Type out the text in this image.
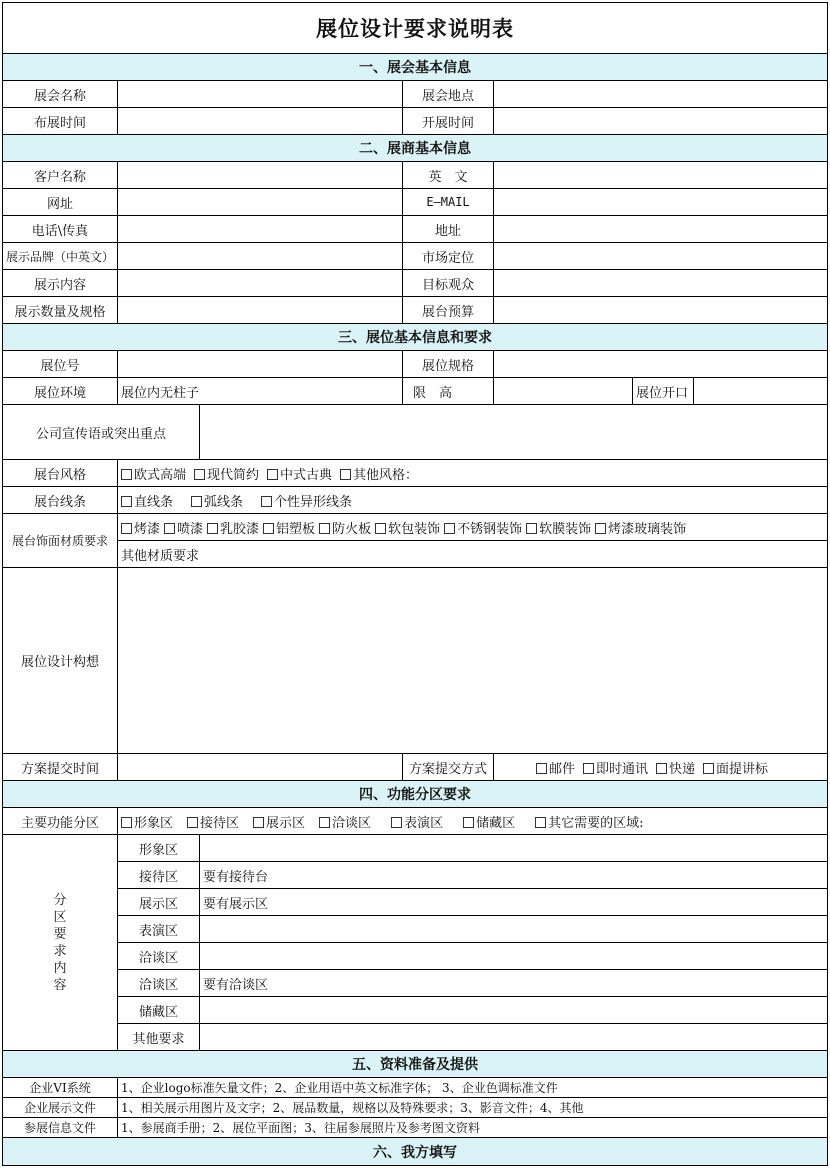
展位设计要求说明表
一、展会基本信息
展会名称	展会地点
布展时间	开展时间
二、展商基本信息
客户名称	英　文
网址	E—MAIL
电话\传真	地址
展示品牌（中英文）	市场定位
展示内容	目标观众
展示数量及规格	展台预算
三、展位基本信息和要求
展位号	展位规格
展位环境	展位内无柱子	限　高	展位开口
公司宣传语或突出重点
展台风格	欧式高端	现代简约	中式古典	其他风格：
展台线条	直线条	弧线条	个性异形线条
展台饰面材质要求
烤漆	喷漆	乳胶漆	铝塑板	防火板	软包装饰	不锈钢装饰	软膜装饰	烤漆玻璃装饰
其他材质要求
展位设计构想
方案提交时间	方案提交方式	邮件	即时通讯	快递	面提讲标
四、功能分区要求
主要功能分区	形象区	接待区	展示区	洽谈区	表演区	储藏区	其它需要的区域:
分
区
要
求
内
容
形象区
接待区	要有接待台
展示区	要有展示区
表演区
洽谈区
洽谈区	要有洽谈区
储藏区
其他要求
五、资料准备及提供
企业VI系统	1、企业logo标准矢量文件；2、企业用语中英文标准字体； 3、企业色调标准文件
企业展示文件	1、相关展示用图片及文字；2、展品数量，规格以及特殊要求；3、影音文件；4、其他
参展信息文件	1、参展商手册；2、展位平面图；3、往届参展照片及参考图文资料
六、我方填写
